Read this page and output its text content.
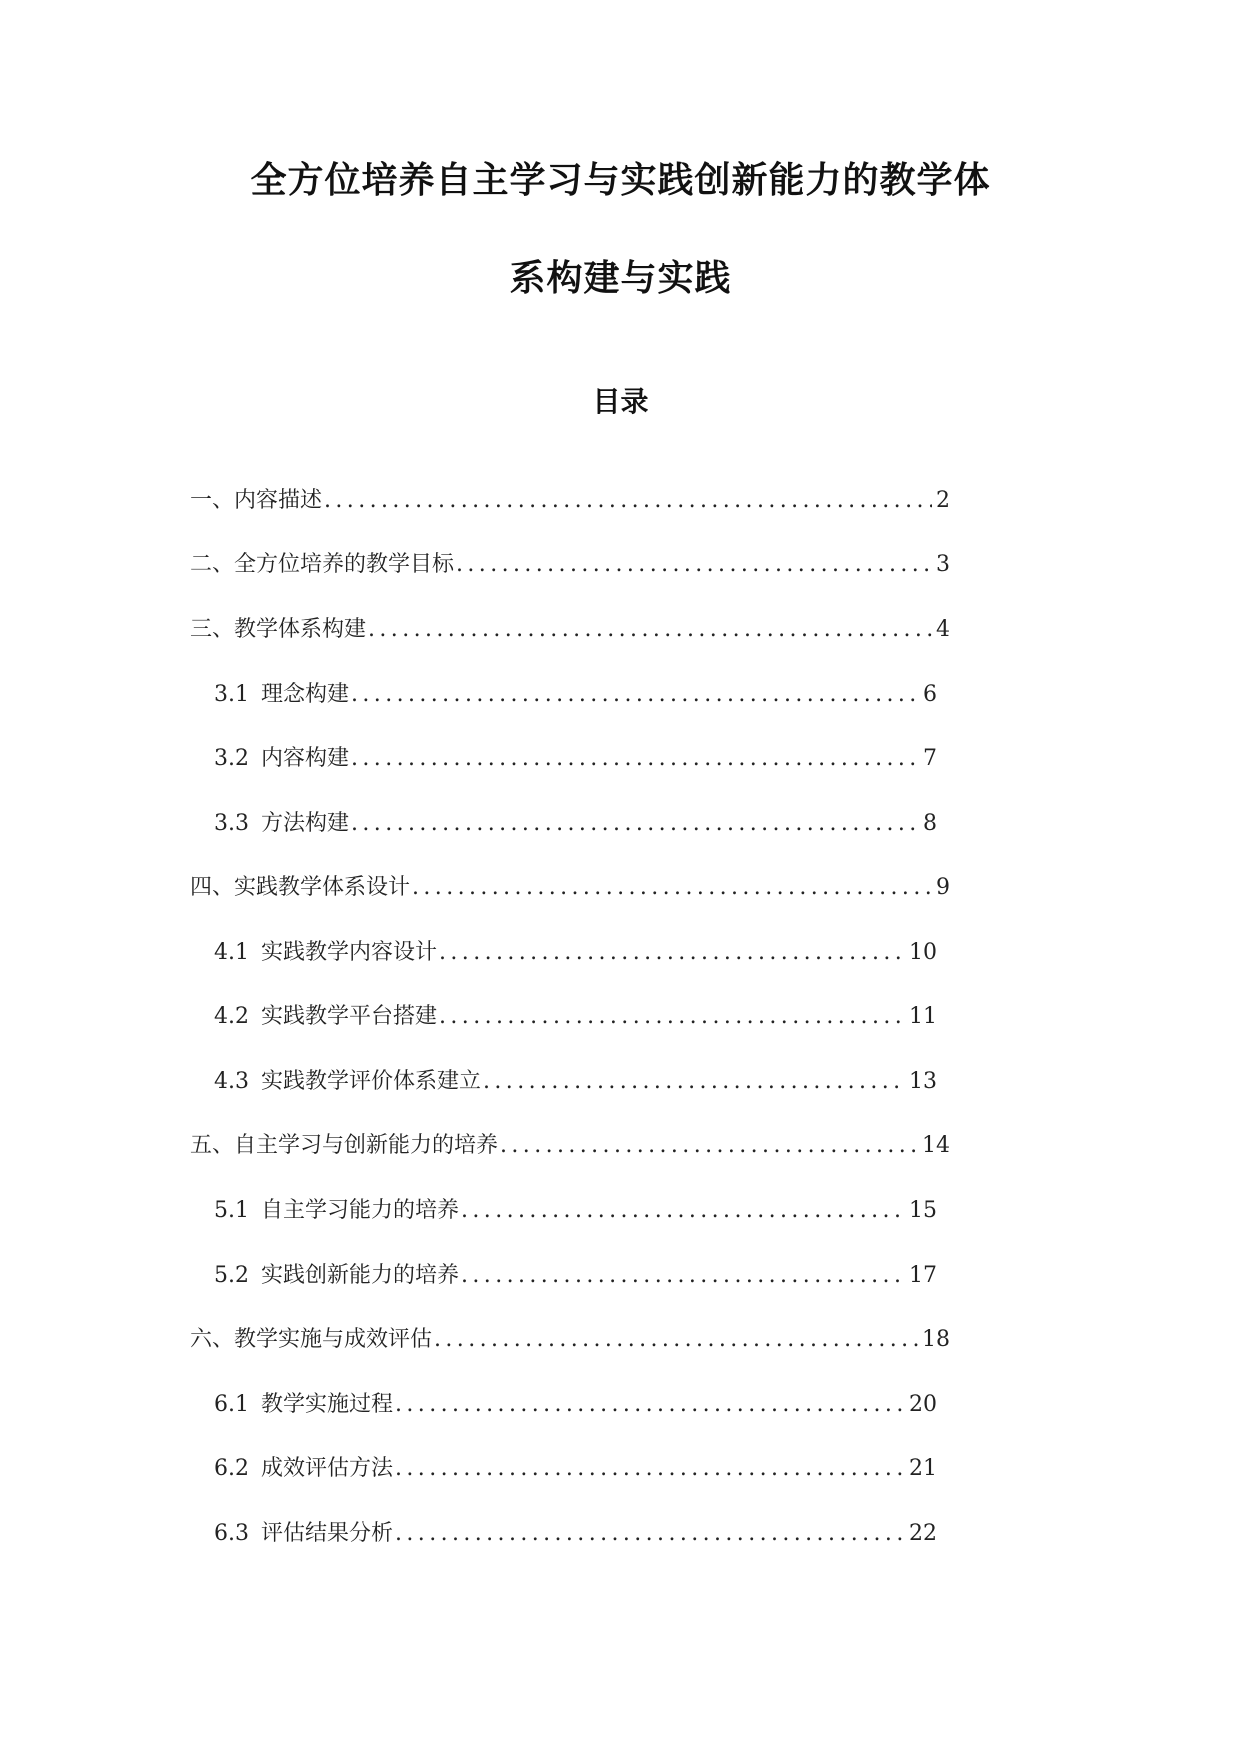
全方位培养自主学习与实践创新能力的教学体
系构建与实践
目录
一、内容描述 .....	2
二、全方位培养的教学目标 .....	3
三、教学体系构建 .....	4
3.1 理念构建 .....	6
3.2 内容构建 .....	7
3.3 方法构建 .....	8
四、实践教学体系设计 .....	9
4.1 实践教学内容设计 .....	10
4.2 实践教学平台搭建 .....	11
4.3 实践教学评价体系建立 .....	13
五、自主学习与创新能力的培养 .....	14
5.1 自主学习能力的培养 .....	15
5.2 实践创新能力的培养 .....	17
六、教学实施与成效评估 .....	18
6.1 教学实施过程 .....	20
6.2 成效评估方法 .....	21
6.3 评估结果分析 .....	22
